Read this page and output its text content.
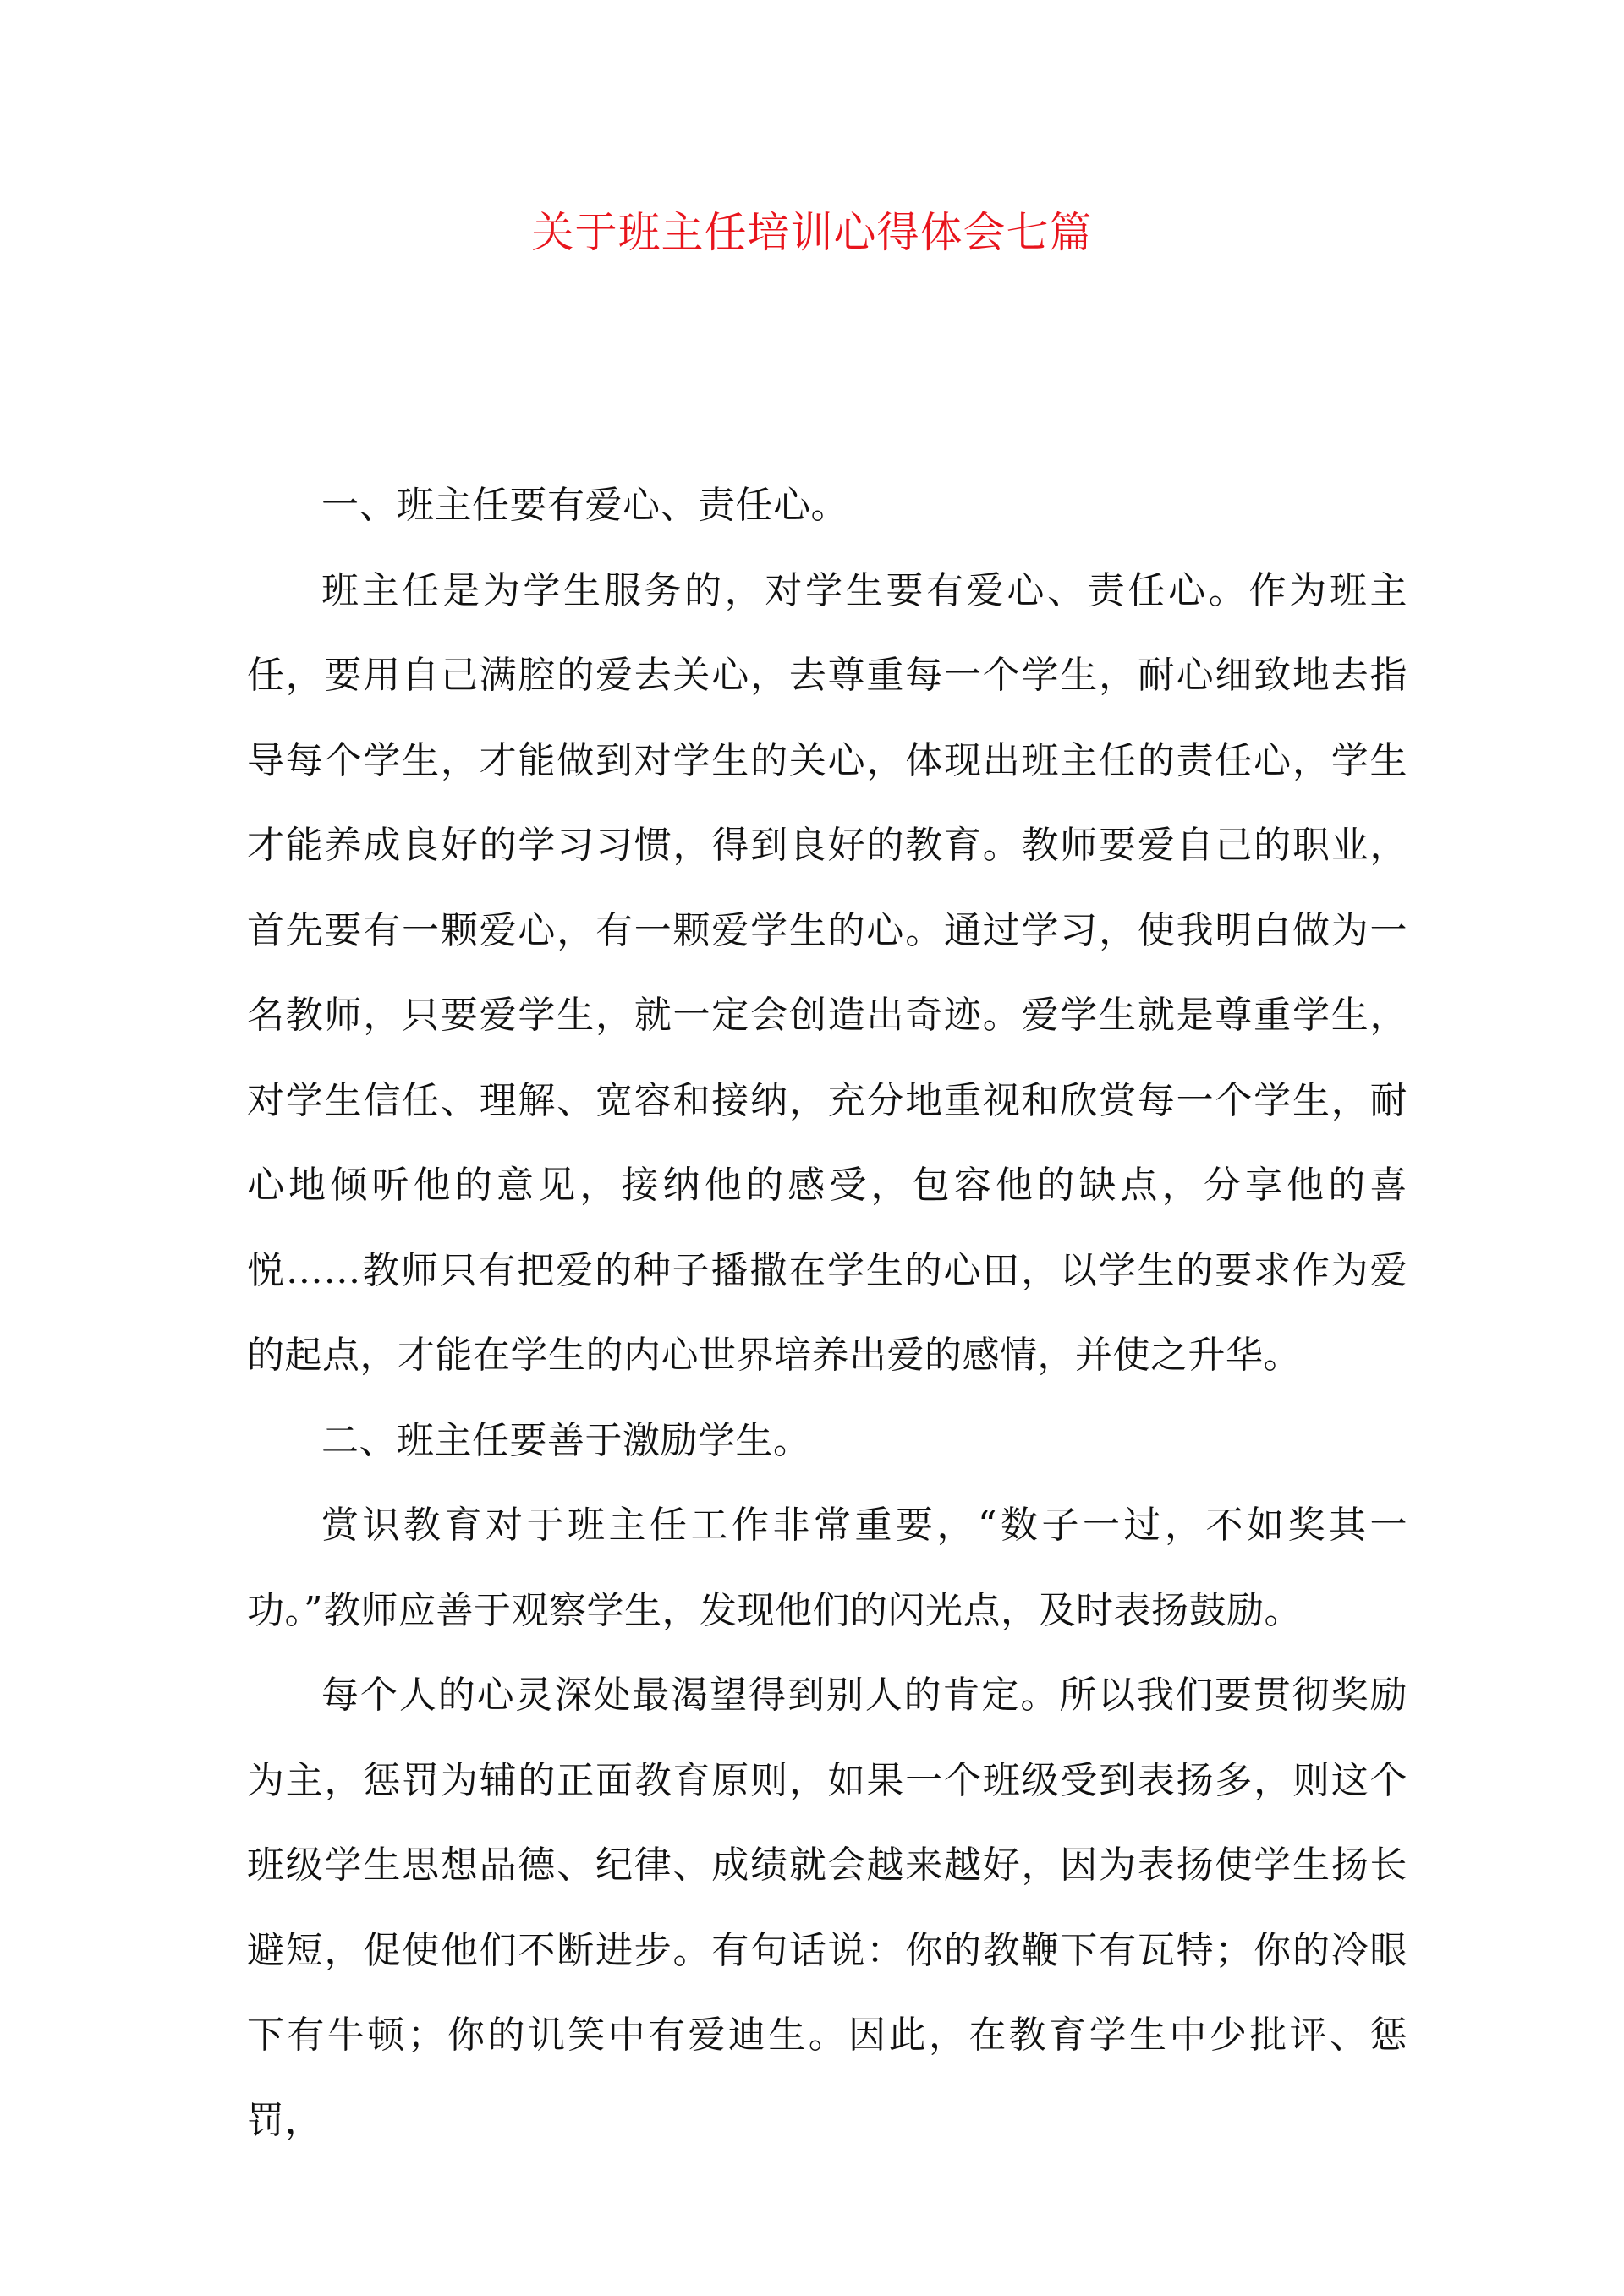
关于班主任培训心得体会七篇

一、班主任要有爱心、责任心。

班主任是为学生服务的，对学生要有爱心、责任心。作为班主任，要用自己满腔的爱去关心，去尊重每一个学生，耐心细致地去指导每个学生，才能做到对学生的关心，体现出班主任的责任心，学生才能养成良好的学习习惯，得到良好的教育。教师要爱自己的职业，首先要有一颗爱心，有一颗爱学生的心。通过学习，使我明白做为一名教师，只要爱学生，就一定会创造出奇迹。爱学生就是尊重学生，对学生信任、理解、宽容和接纳，充分地重视和欣赏每一个学生，耐心地倾听他的意见，接纳他的感受，包容他的缺点，分享他的喜悦……教师只有把爱的种子播撒在学生的心田，以学生的要求作为爱的起点，才能在学生的内心世界培养出爱的感情，并使之升华。

二、班主任要善于激励学生。

赏识教育对于班主任工作非常重要，“数子一过，不如奖其一功。”教师应善于观察学生，发现他们的闪光点，及时表扬鼓励。

每个人的心灵深处最渴望得到别人的肯定。所以我们要贯彻奖励为主，惩罚为辅的正面教育原则，如果一个班级受到表扬多，则这个班级学生思想品德、纪律、成绩就会越来越好，因为表扬使学生扬长避短，促使他们不断进步。有句话说：你的教鞭下有瓦特；你的冷眼下有牛顿；你的讥笑中有爱迪生。因此，在教育学生中少批评、惩罚，
